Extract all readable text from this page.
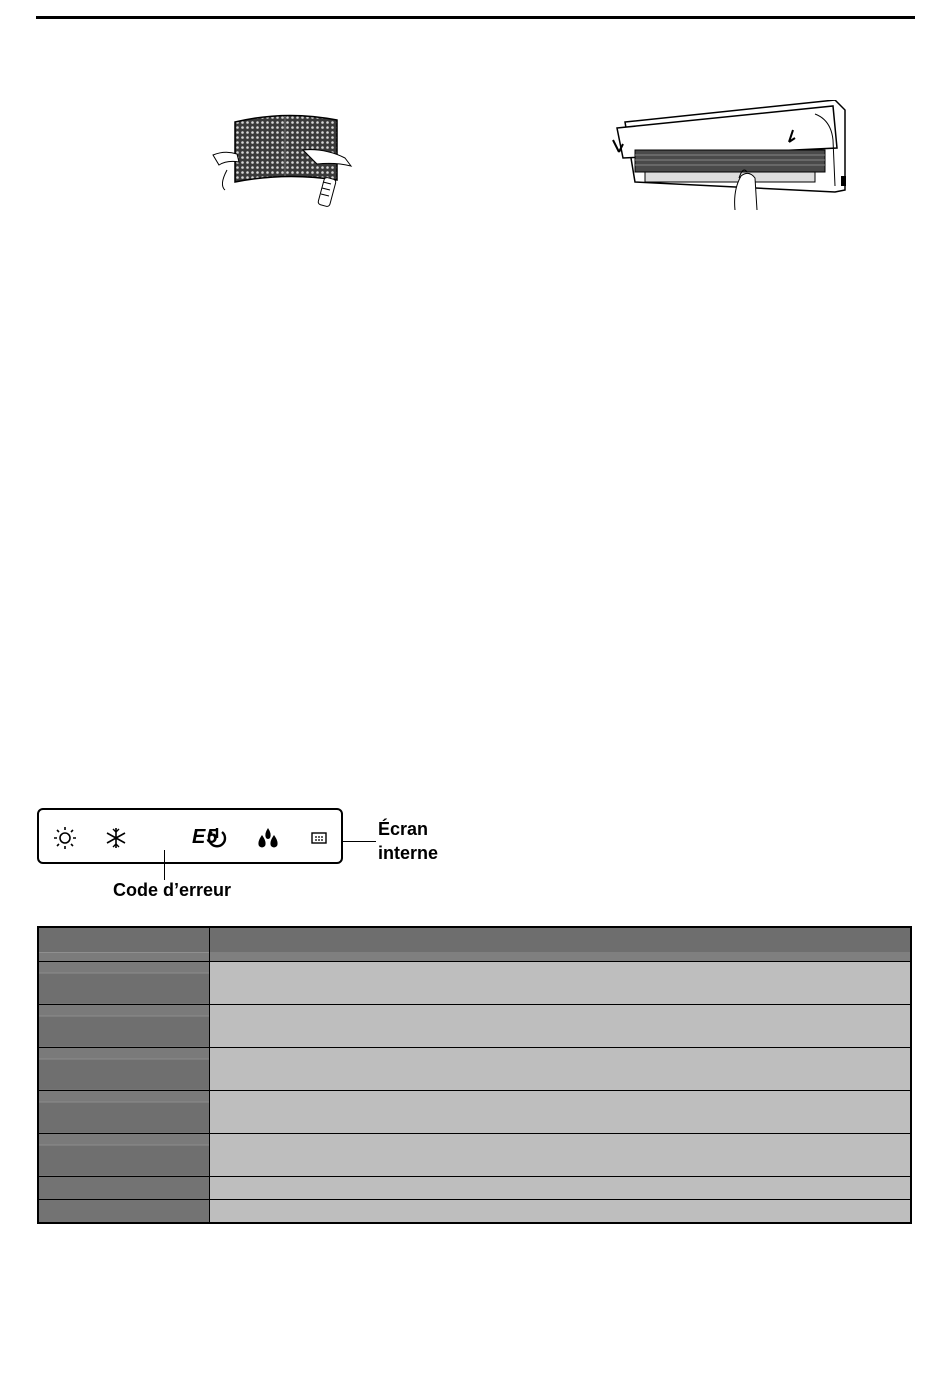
E5
Code d’erreur
Écran
interne
